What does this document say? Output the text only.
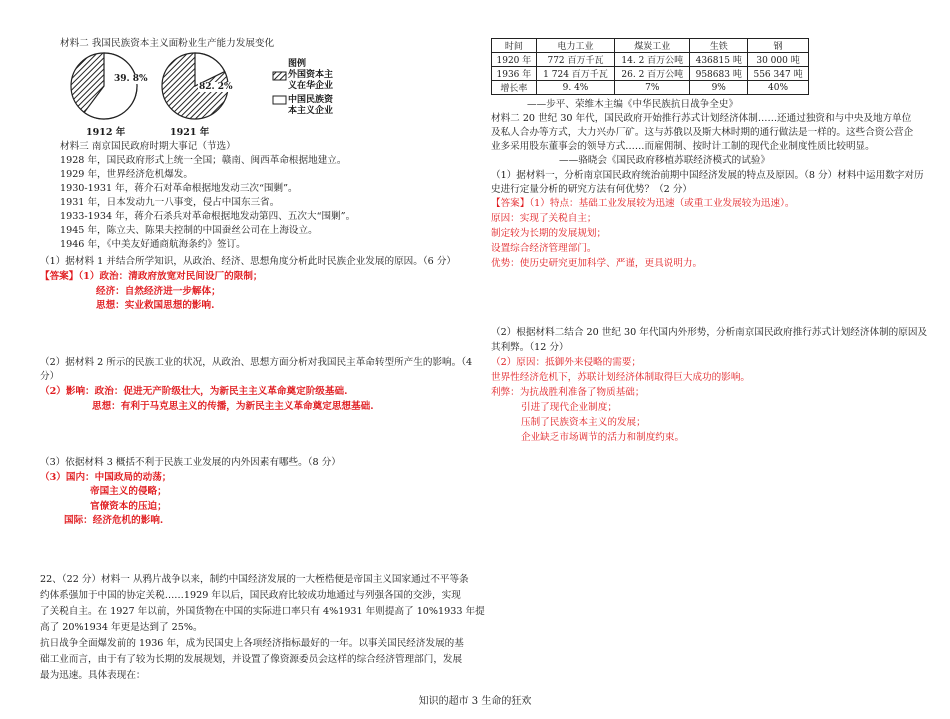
材料二 我国民族资本主义面粉业生产能力发展变化
39. 8%
82. 2%
1912 年	1921 年
图例
外国资本主义在华企业
中国民族资本主义企业
材料三 南京国民政府时期大事记（节选）
1928 年，国民政府形式上统一全国；赣南、闽西革命根据地建立。
1929 年，世界经济危机爆发。
1930-1931 年，蒋介石对革命根据地发动三次“围剿”。
1931 年，日本发动九一八事变，侵占中国东三省。
1933-1934 年，蒋介石杀兵对革命根据地发动第四、五次大“围剿”。
1945 年，陈立夫、陈果夫控制的中国蚕丝公司在上海设立。
1946 年，《中美友好通商航海条约》签订。
（1）据材料 1 并结合所学知识，从政治、经济、思想角度分析此时民族企业发展的原因。（6 分）
【答案】（1）政治：清政府放宽对民间设厂的限制；
经济：自然经济进一步解体；
思想：实业救国思想的影响.
（2）据材料 2 所示的民族工业的状况，从政治、思想方面分析对我国民主革命转型所产生的影响。（4
分）
（2）影响：政治：促进无产阶级壮大，为新民主主义革命奠定阶级基础.
思想：有利于马克思主义的传播，为新民主主义革命奠定思想基础.
（3）依据材料 3 概括不利于民族工业发展的内外因素有哪些。（8 分）
（3）国内：中国政局的动荡；
帝国主义的侵略；
官僚资本的压迫；
国际：经济危机的影响.
22、（22 分）材料一 从鸦片战争以来，制约中国经济发展的一大桎梏便是帝国主义国家通过不平等条
约体系强加于中国的协定关税……1929 年以后，国民政府比较成功地通过与列强各国的交涉，实现
了关税自主。在 1927 年以前，外国货物在中国的实际进口率只有 4%1931 年则提高了 10%1933 年提
高了 20%1934 年更是达到了 25%。
抗日战争全面爆发前的 1936 年，成为民国史上各项经济指标最好的一年。以事关国民经济发展的基
础工业而言，由于有了较为长期的发展规划，并设置了像资源委员会这样的综合经济管理部门，发展
最为迅速。具体表现在：
时间	电力工业	煤炭工业	生铁	钢
1920 年	772 百万千瓦	14. 2 百万公吨	436815 吨	30 000 吨
1936 年	1 724 百万千瓦	26. 2 百万公吨	958683 吨	556 347 吨
增长率	9. 4%	7%	9%	40%
——步平、荣维木主编《中华民族抗日战争全史》
材料二 20 世纪 30 年代，国民政府开始推行苏式计划经济体制……还通过独资和与中央及地方单位
及私人合办等方式，大力兴办厂矿。这与苏俄以及斯大林时期的通行做法是一样的。这些合资公营企
业多采用股东董事会的领导方式……而雇佣制、按时计工制的现代企业制度性质比较明显。
——骆晓会《国民政府移植苏联经济模式的试验》
（1）据材料一，分析南京国民政府统治前期中国经济发展的特点及原因。（8 分）材料中运用数字对历
史进行定量分析的研究方法有何优势？（2 分）
【答案】（1）特点：基础工业发展较为迅速（或重工业发展较为迅速）。
原因：实现了关税自主；
制定较为长期的发展规划；
设置综合经济管理部门。
优势：使历史研究更加科学、严谨，更具说明力。
（2）根据材料二结合 20 世纪 30 年代国内外形势，分析南京国民政府推行苏式计划经济体制的原因及
其利弊。（12 分）
（2）原因：抵御外来侵略的需要；
世界性经济危机下，苏联计划经济体制取得巨大成功的影响。
利弊：为抗战胜利准备了物质基础；
引进了现代企业制度；
压制了民族资本主义的发展；
企业缺乏市场调节的活力和制度约束。
知识的超市 3 生命的狂欢
